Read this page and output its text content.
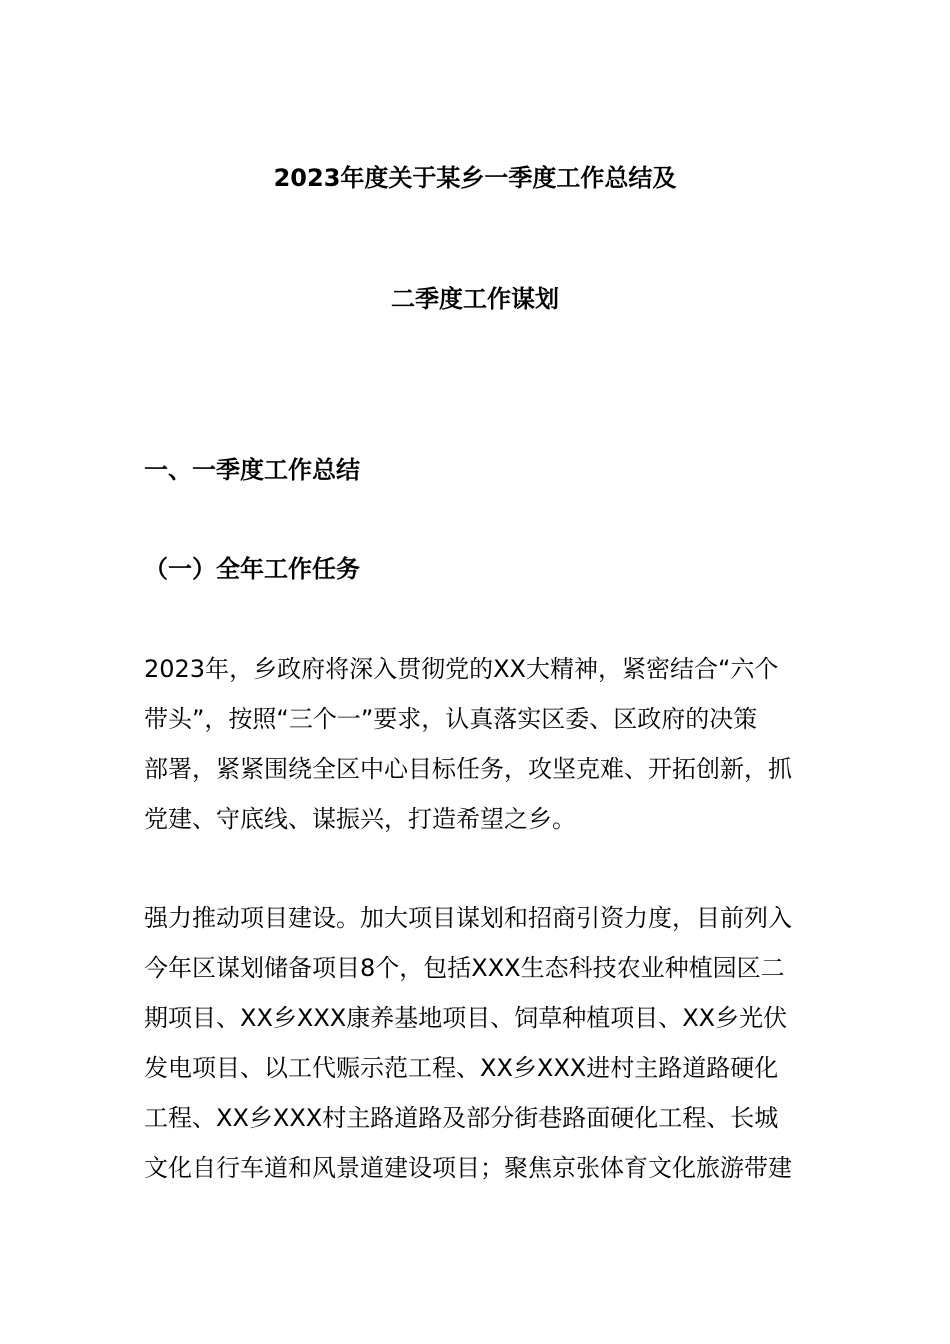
2023年度关于某乡一季度工作总结及
二季度工作谋划
一、一季度工作总结
（一）全年工作任务

2023年，乡政府将深入贯彻党的XX大精神，紧密结合“六个
带头”，按照“三个一”要求，认真落实区委、区政府的决策
部署，紧紧围绕全区中心目标任务，攻坚克难、开拓创新，抓
党建、守底线、谋振兴，打造希望之乡。

强力推动项目建设。加大项目谋划和招商引资力度，目前列入
今年区谋划储备项目8个，包括XXX生态科技农业种植园区二
期项目、XX乡XXX康养基地项目、饲草种植项目、XX乡光伏
发电项目、以工代赈示范工程、XX乡XXX进村主路道路硬化
工程、XX乡XXX村主路道路及部分街巷路面硬化工程、长城
文化自行车道和风景道建设项目；聚焦京张体育文化旅游带建
